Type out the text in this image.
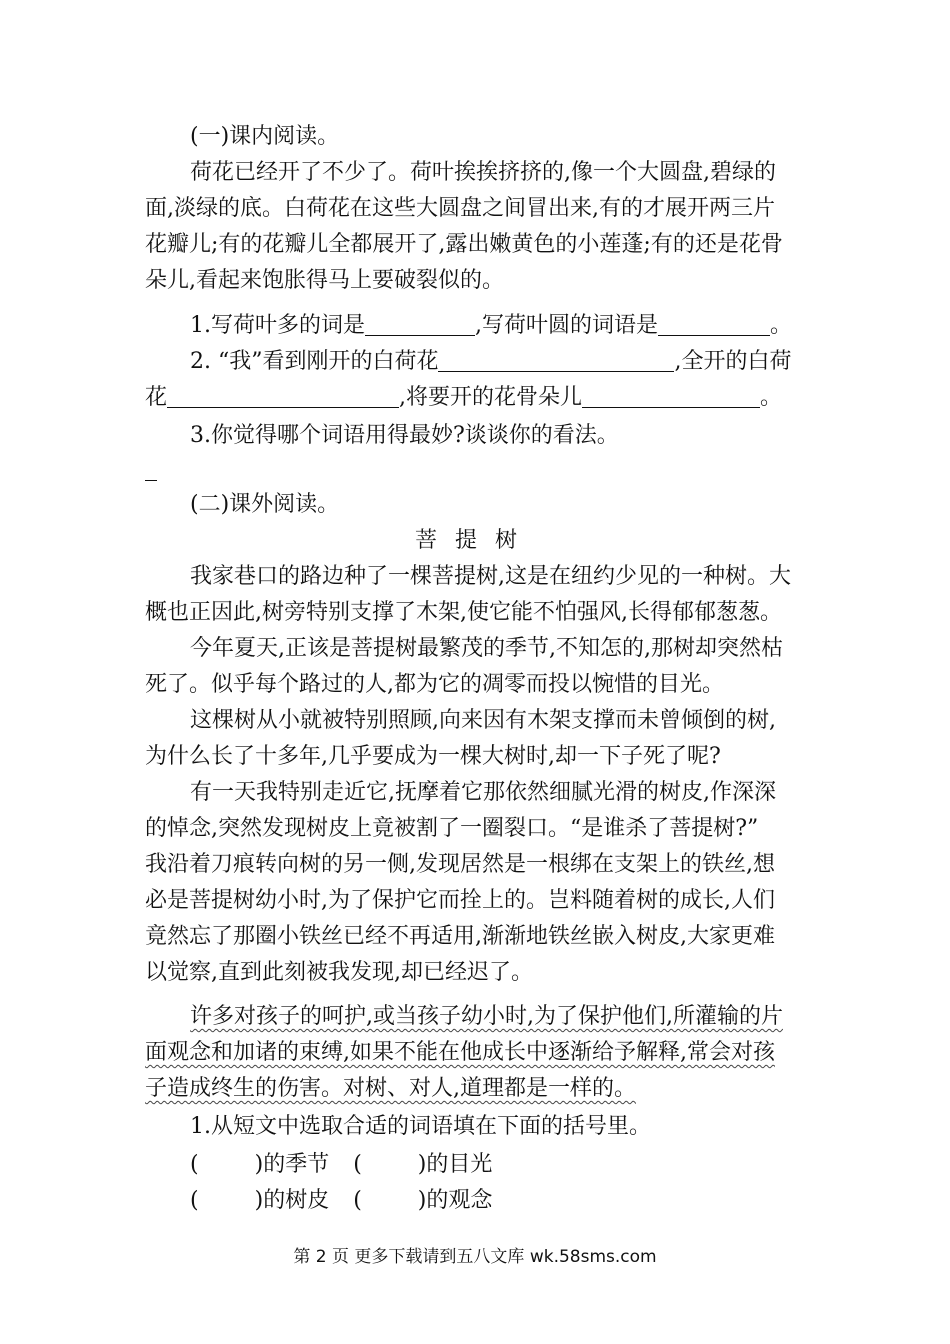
(一)课内阅读。
荷花已经开了不少了。荷叶挨挨挤挤的,像一个大圆盘,碧绿的
面,淡绿的底。白荷花在这些大圆盘之间冒出来,有的才展开两三片
花瓣儿;有的花瓣儿全都展开了,露出嫩黄色的小莲蓬;有的还是花骨
朵儿,看起来饱胀得马上要破裂似的。
1.写荷叶多的词是	,写荷叶圆的词语是	。
2. “我”看到刚开的白荷花	,全开的白荷
花	,将要开的花骨朵儿	。
3.你觉得哪个词语用得最妙?谈谈你的看法。
(二)课外阅读。
菩提树
我家巷口的路边种了一棵菩提树,这是在纽约少见的一种树。大
概也正因此,树旁特别支撑了木架,使它能不怕强风,长得郁郁葱葱。
今年夏天,正该是菩提树最繁茂的季节,不知怎的,那树却突然枯
死了。似乎每个路过的人,都为它的凋零而投以惋惜的目光。
这棵树从小就被特别照顾,向来因有木架支撑而未曾倾倒的树,
为什么长了十多年,几乎要成为一棵大树时,却一下子死了呢?
有一天我特别走近它,抚摩着它那依然细腻光滑的树皮,作深深
的悼念,突然发现树皮上竟被割了一圈裂口。“是谁杀了菩提树?”
我沿着刀痕转向树的另一侧,发现居然是一根绑在支架上的铁丝,想
必是菩提树幼小时,为了保护它而拴上的。岂料随着树的成长,人们
竟然忘了那圈小铁丝已经不再适用,渐渐地铁丝嵌入树皮,大家更难
以觉察,直到此刻被我发现,却已经迟了。
许多对孩子的呵护,或当孩子幼小时,为了保护他们,所灌输的片
面观念和加诸的束缚,如果不能在他成长中逐渐给予解释,常会对孩
子造成终生的伤害。对树、对人,道理都是一样的。
1.从短文中选取合适的词语填在下面的括号里。
(	)的季节 (	)的目光
(	)的树皮 (	)的观念
第 2 页 更多下载请到五八文库 wk.58sms.com
